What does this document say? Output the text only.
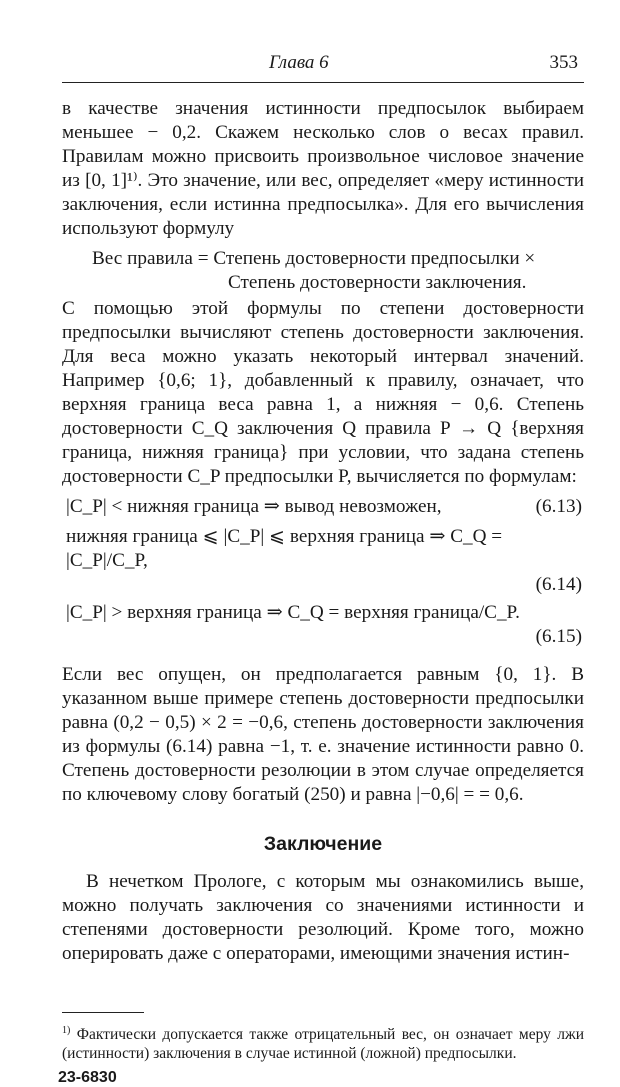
Глава 6	353

в качестве значения истинности предпосылок выбираем меньшее − 0,2. Скажем несколько слов о весах правил. Правилам можно присвоить произвольное числовое значение из [0, 1]¹⁾. Это значение, или вес, определяет «меру истинности заключения, если истинна предпосылка». Для его вычисления используют формулу

Вес правила = Степень достоверности предпосылки ×
Степень достоверности заключения.

С помощью этой формулы по степени достоверности предпосылки вычисляют степень достоверности заключения. Для веса можно указать некоторый интервал значений. Например {0,6; 1}, добавленный к правилу, означает, что верхняя граница веса равна 1, а нижняя − 0,6. Степень достоверности C_Q заключения Q правила P → Q {верхняя граница, нижняя граница} при условии, что задана степень достоверности C_P предпосылки P, вычисляется по формулам:

|C_P| < нижняя граница ⇒ вывод невозможен,	(6.13)
нижняя граница ⩽ |C_P| ⩽ верхняя граница ⇒ C_Q = |C_P|/C_P,
(6.14)
|C_P| > верхняя граница ⇒ C_Q = верхняя граница/C_P.
(6.15)

Если вес опущен, он предполагается равным {0, 1}. В указанном выше примере степень достоверности предпосылки равна (0,2 − 0,5) × 2 = −0,6, степень достоверности заключения из формулы (6.14) равна −1, т. е. значение истинности равно 0. Степень достоверности резолюции в этом случае определяется по ключевому слову богатый (250) и равна |−0,6| = = 0,6.

Заключение

В нечетком Прологе, с которым мы ознакомились выше, можно получать заключения со значениями истинности и степенями достоверности резолюций. Кроме того, можно оперировать даже с операторами, имеющими значения истин-

$^{1)}$ Фактически допускается также отрицательный вес, он означает меру лжи (истинности) заключения в случае истинной (ложной) предпосылки.
23-6830
